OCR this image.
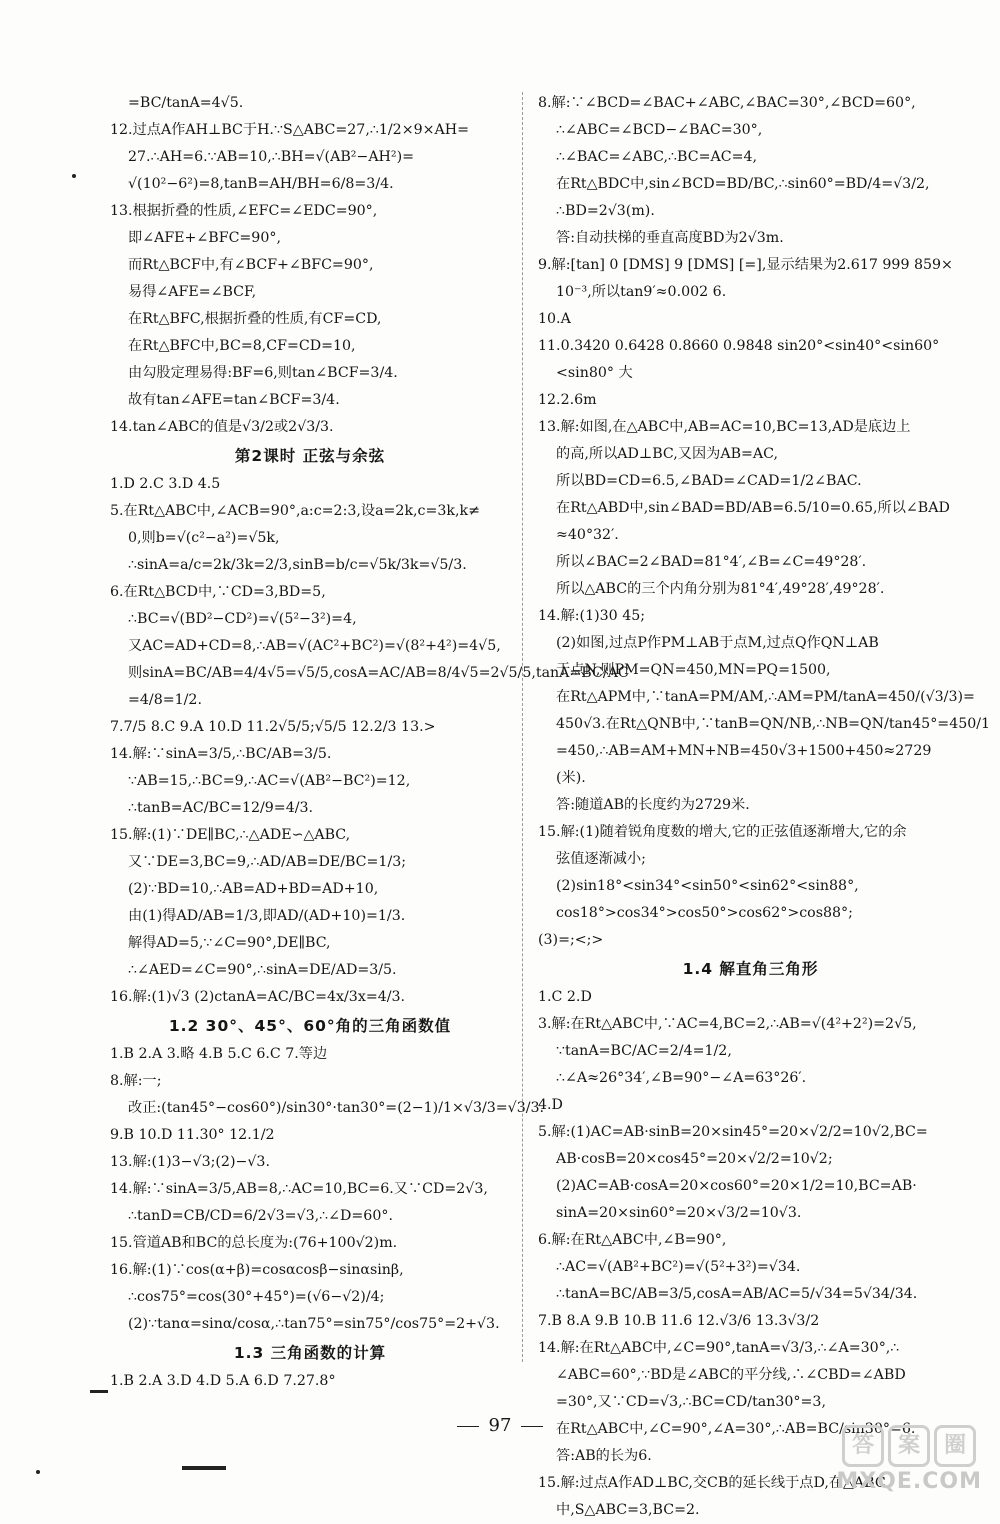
=BC/tanA=4√5.
12.过点A作AH⊥BC于H.∵S△ABC=27,∴1/2×9×AH=
27.∴AH=6.∵AB=10,∴BH=√(AB²−AH²)=
√(10²−6²)=8,tanB=AH/BH=6/8=3/4.
13.根据折叠的性质,∠EFC=∠EDC=90°,
即∠AFE+∠BFC=90°,
而Rt△BCF中,有∠BCF+∠BFC=90°,
易得∠AFE=∠BCF,
在Rt△BFC,根据折叠的性质,有CF=CD,
在Rt△BFC中,BC=8,CF=CD=10,
由勾股定理易得:BF=6,则tan∠BCF=3/4.
故有tan∠AFE=tan∠BCF=3/4.
14.tan∠ABC的值是√3/2或2√3/3.
第2课时 正弦与余弦
1.D 2.C 3.D 4.5
5.在Rt△ABC中,∠ACB=90°,a:c=2:3,设a=2k,c=3k,k≠
0,则b=√(c²−a²)=√5k,
∴sinA=a/c=2k/3k=2/3,sinB=b/c=√5k/3k=√5/3.
6.在Rt△BCD中,∵CD=3,BD=5,
∴BC=√(BD²−CD²)=√(5²−3²)=4,
又AC=AD+CD=8,∴AB=√(AC²+BC²)=√(8²+4²)=4√5,
则sinA=BC/AB=4/4√5=√5/5,cosA=AC/AB=8/4√5=2√5/5,tanA=BC/AC
=4/8=1/2.
7.7/5 8.C 9.A 10.D 11.2√5/5;√5/5 12.2/3 13.>
14.解:∵sinA=3/5,∴BC/AB=3/5.
∵AB=15,∴BC=9,∴AC=√(AB²−BC²)=12,
∴tanB=AC/BC=12/9=4/3.
15.解:(1)∵DE∥BC,∴△ADE∽△ABC,
又∵DE=3,BC=9,∴AD/AB=DE/BC=1/3;
(2)∵BD=10,∴AB=AD+BD=AD+10,
由(1)得AD/AB=1/3,即AD/(AD+10)=1/3.
解得AD=5,∵∠C=90°,DE∥BC,
∴∠AED=∠C=90°,∴sinA=DE/AD=3/5.
16.解:(1)√3 (2)ctanA=AC/BC=4x/3x=4/3.
1.2 30°、45°、60°角的三角函数值
1.B 2.A 3.略 4.B 5.C 6.C 7.等边
8.解:一;
改正:(tan45°−cos60°)/sin30°·tan30°=(2−1)/1×√3/3=√3/3.
9.B 10.D 11.30° 12.1/2
13.解:(1)3−√3;(2)−√3.
14.解:∵sinA=3/5,AB=8,∴AC=10,BC=6.又∵CD=2√3,
∴tanD=CB/CD=6/2√3=√3,∴∠D=60°.
15.管道AB和BC的总长度为:(76+100√2)m.
16.解:(1)∵cos(α+β)=cosαcosβ−sinαsinβ,
∴cos75°=cos(30°+45°)=(√6−√2)/4;
(2)∵tanα=sinα/cosα,∴tan75°=sin75°/cos75°=2+√3.
1.3 三角函数的计算
1.B 2.A 3.D 4.D 5.A 6.D 7.27.8°
8.解:∵∠BCD=∠BAC+∠ABC,∠BAC=30°,∠BCD=60°,
∴∠ABC=∠BCD−∠BAC=30°,
∴∠BAC=∠ABC,∴BC=AC=4,
在Rt△BDC中,sin∠BCD=BD/BC,∴sin60°=BD/4=√3/2,
∴BD=2√3(m).
答:自动扶梯的垂直高度BD为2√3m.
9.解:[tan] 0 [DMS] 9 [DMS] [=],显示结果为2.617 999 859×
10⁻³,所以tan9′≈0.002 6.
10.A
11.0.3420 0.6428 0.8660 0.9848 sin20°<sin40°<sin60°
<sin80° 大
12.2.6m
13.解:如图,在△ABC中,AB=AC=10,BC=13,AD是底边上
的高,所以AD⊥BC,又因为AB=AC,
所以BD=CD=6.5,∠BAD=∠CAD=1/2∠BAC.
在Rt△ABD中,sin∠BAD=BD/AB=6.5/10=0.65,所以∠BAD
≈40°32′.
所以∠BAC=2∠BAD=81°4′,∠B=∠C=49°28′.
所以△ABC的三个内角分别为81°4′,49°28′,49°28′.
14.解:(1)30 45;
(2)如图,过点P作PM⊥AB于点M,过点Q作QN⊥AB
于点N,则PM=QN=450,MN=PQ=1500,
在Rt△APM中,∵tanA=PM/AM,∴AM=PM/tanA=450/(√3/3)=
450√3.在Rt△QNB中,∵tanB=QN/NB,∴NB=QN/tan45°=450/1
=450,∴AB=AM+MN+NB=450√3+1500+450≈2729
(米).
答:随道AB的长度约为2729米.
15.解:(1)随着锐角度数的增大,它的正弦值逐渐增大,它的余
弦值逐渐减小;
(2)sin18°<sin34°<sin50°<sin62°<sin88°,
cos18°>cos34°>cos50°>cos62°>cos88°;
(3)=;<;>
1.4 解直角三角形
1.C 2.D
3.解:在Rt△ABC中,∵AC=4,BC=2,∴AB=√(4²+2²)=2√5,
∵tanA=BC/AC=2/4=1/2,
∴∠A≈26°34′,∠B=90°−∠A=63°26′.
4.D
5.解:(1)AC=AB·sinB=20×sin45°=20×√2/2=10√2,BC=
AB·cosB=20×cos45°=20×√2/2=10√2;
(2)AC=AB·cosA=20×cos60°=20×1/2=10,BC=AB·
sinA=20×sin60°=20×√3/2=10√3.
6.解:在Rt△ABC中,∠B=90°,
∴AC=√(AB²+BC²)=√(5²+3²)=√34.
∴tanA=BC/AB=3/5,cosA=AB/AC=5/√34=5√34/34.
7.B 8.A 9.B 10.B 11.6 12.√3/6 13.3√3/2
14.解:在Rt△ABC中,∠C=90°,tanA=√3/3,∴∠A=30°,∴
∠ABC=60°,∵BD是∠ABC的平分线,∴∠CBD=∠ABD
=30°,又∵CD=√3,∴BC=CD/tan30°=3,
在Rt△ABC中,∠C=90°,∠A=30°,∴AB=BC/sin30°=6.
答:AB的长为6.
15.解:过点A作AD⊥BC,交CB的延长线于点D,在△ABC
中,S△ABC=3,BC=2.
97
答	案	圈
MXQE.COM
